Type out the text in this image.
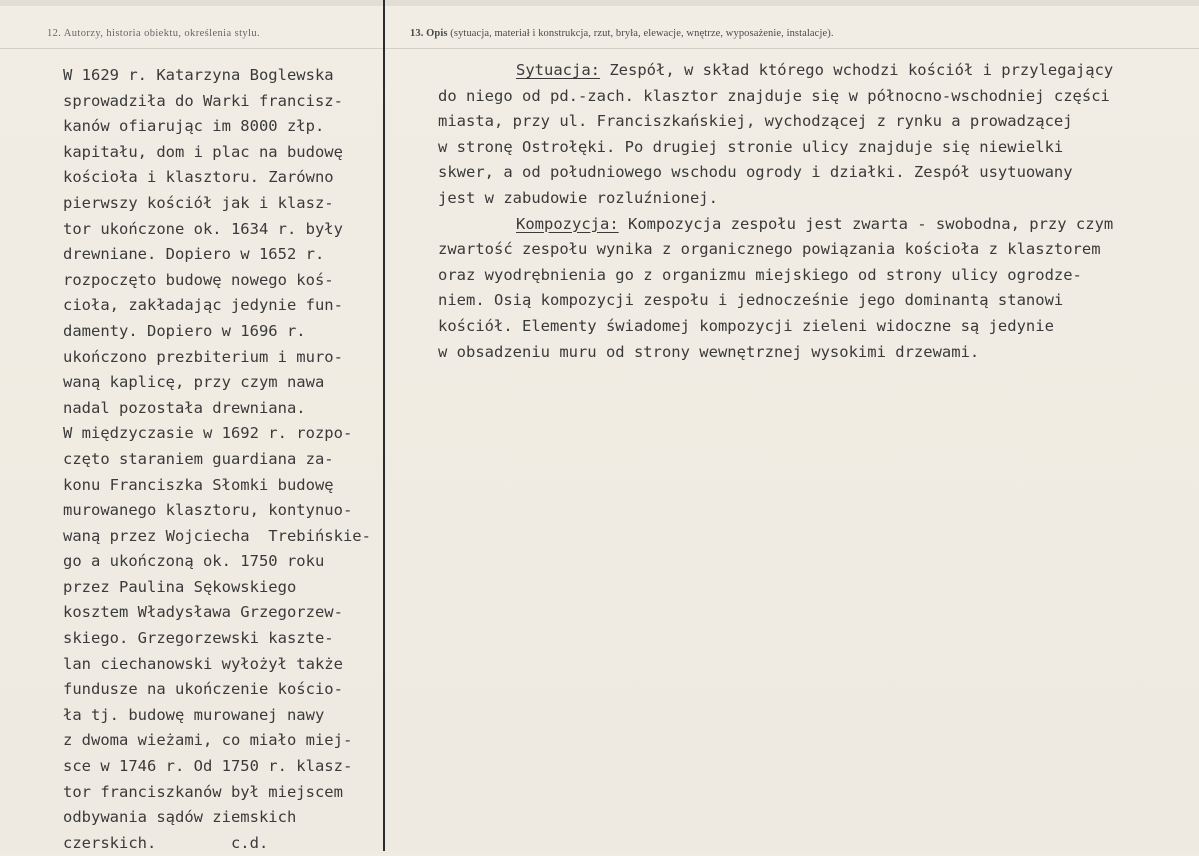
12. Autorzy, historia obiektu, określenia stylu.	13. Opis (sytuacja, materiał i konstrukcja, rzut, bryła, elewacje, wnętrze, wyposażenie, instalacje).
W 1629 r. Katarzyna Boglewska
sprowadziła do Warki francisz-
kanów ofiarując im 8000 złp.
kapitału, dom i plac na budowę
kościoła i klasztoru. Zarówno
pierwszy kościół jak i klasz-
tor ukończone ok. 1634 r. były
drewniane. Dopiero w 1652 r.
rozpoczęto budowę nowego koś-
cioła, zakładając jedynie fun-
damenty. Dopiero w 1696 r.
ukończono prezbiterium i muro-
waną kaplicę, przy czym nawa
nadal pozostała drewniana.
W międzyczasie w 1692 r. rozpo-
częto staraniem guardiana za-
konu Franciszka Słomki budowę
murowanego klasztoru, kontynuo-
waną przez Wojciecha  Trebińskie-
go a ukończoną ok. 1750 roku
przez Paulina Sękowskiego
kosztem Władysława Grzegorzew-
skiego. Grzegorzewski kaszte-
lan ciechanowski wyłożył także
fundusze na ukończenie kościo-
ła tj. budowę murowanej nawy
z dwoma wieżami, co miało miej-
sce w 1746 r. Od 1750 r. klasz-
tor franciszkanów był miejscem
odbywania sądów ziemskich
czerskich.        c.d.
Sytuacja: Zespół, w skład którego wchodzi kościół i przylegający
do niego od pd.-zach. klasztor znajduje się w północno-wschodniej części
miasta, przy ul. Franciszkańskiej, wychodzącej z rynku a prowadzącej
w stronę Ostrołęki. Po drugiej stronie ulicy znajduje się niewielki
skwer, a od południowego wschodu ogrody i działki. Zespół usytuowany
jest w zabudowie rozluźnionej.
Kompozycja: Kompozycja zespołu jest zwarta - swobodna, przy czym
zwartość zespołu wynika z organicznego powiązania kościoła z klasztorem
oraz wyodrębnienia go z organizmu miejskiego od strony ulicy ogrodze-
niem. Osią kompozycji zespołu i jednocześnie jego dominantą stanowi
kościół. Elementy świadomej kompozycji zieleni widoczne są jedynie
w obsadzeniu muru od strony wewnętrznej wysokimi drzewami.
